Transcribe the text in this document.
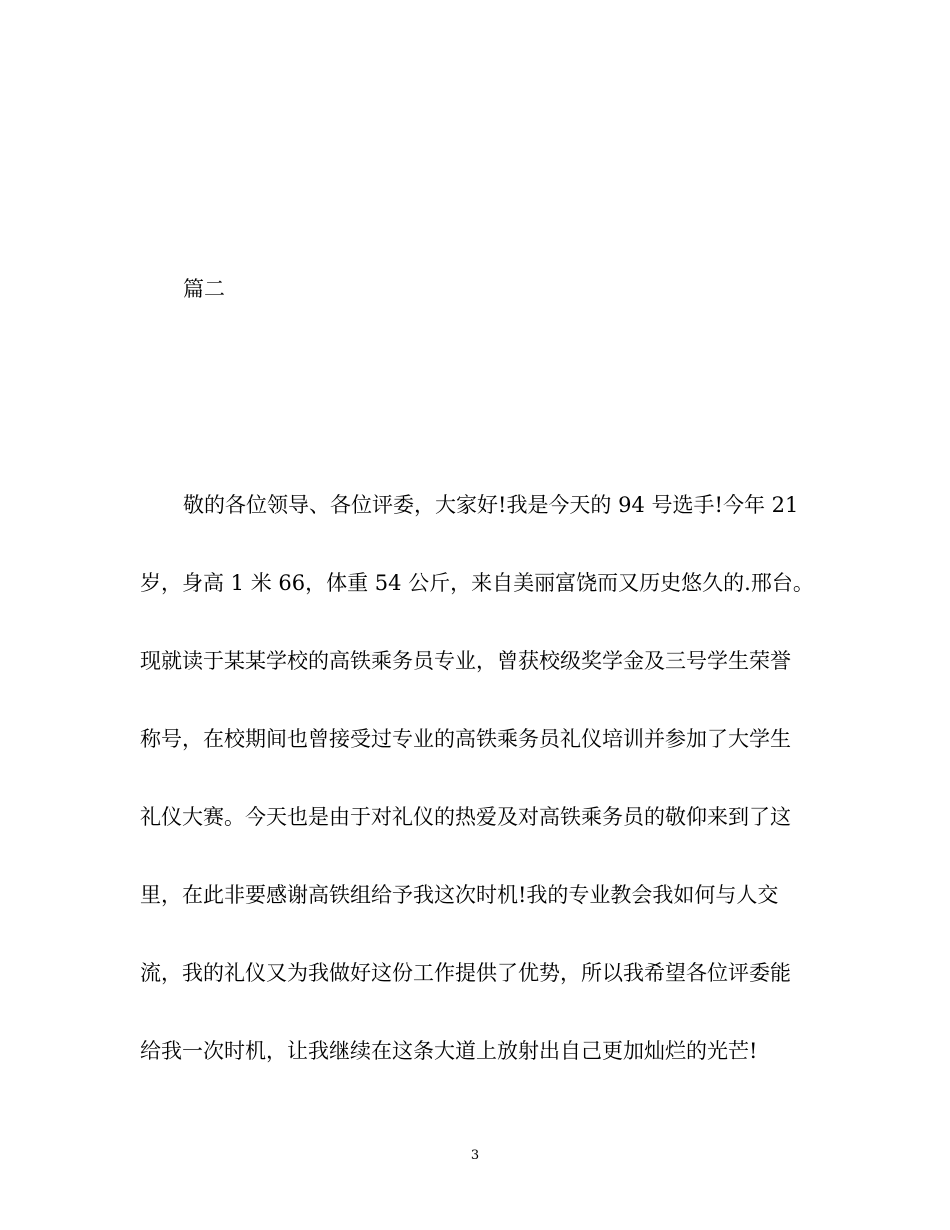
篇二
敬的各位领导、各位评委，大家好!我是今天的 94 号选手!今年 21
岁，身高 1 米 66，体重 54 公斤，来自美丽富饶而又历史悠久的.邢台。
现就读于某某学校的高铁乘务员专业，曾获校级奖学金及三号学生荣誉
称号，在校期间也曾接受过专业的高铁乘务员礼仪培训并参加了大学生
礼仪大赛。今天也是由于对礼仪的热爱及对高铁乘务员的敬仰来到了这
里，在此非要感谢高铁组给予我这次时机!我的专业教会我如何与人交
流，我的礼仪又为我做好这份工作提供了优势，所以我希望各位评委能
给我一次时机，让我继续在这条大道上放射出自己更加灿烂的光芒!
3
